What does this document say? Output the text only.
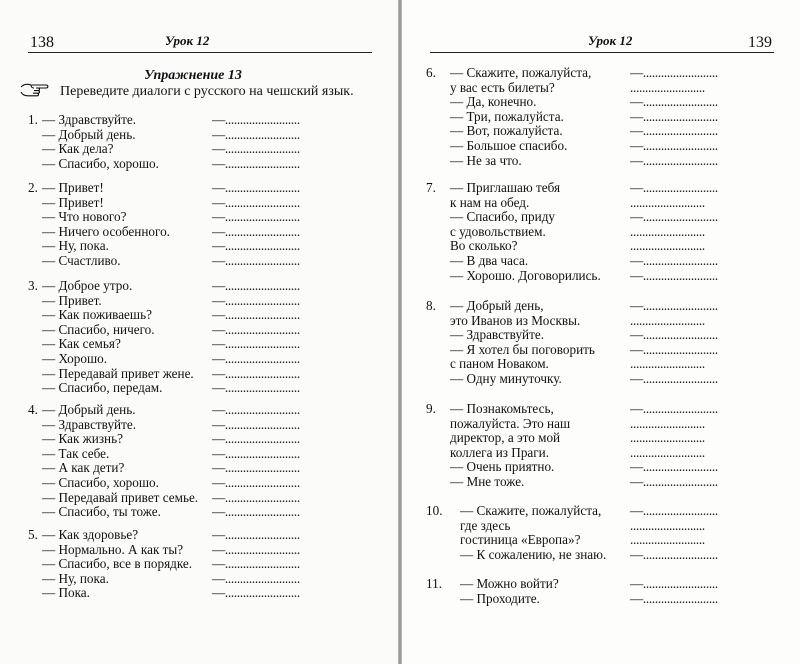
138	Урок 12
Упражнение 13
Переведите диалоги с русского на чешский язык.
1. — Здравствуйте.	—.........................
— Добрый день.	—.........................
— Как дела?	—.........................
— Спасибо, хорошо.	—.........................
2. — Привет!	—.........................
— Привет!	—.........................
— Что нового?	—.........................
— Ничего особенного.	—.........................
— Ну, пока.	—.........................
— Счастливо.	—.........................
3. — Доброе утро.	—.........................
— Привет.	—.........................
— Как поживаешь?	—.........................
— Спасибо, ничего.	—.........................
— Как семья?	—.........................
— Хорошо.	—.........................
— Передавай привет жене. —.........................
— Спасибо, передам.	—.........................
4. — Добрый день.	—.........................
— Здравствуйте.	—.........................
— Как жизнь?	—.........................
— Так себе.	—.........................
— А как дети?	—.........................
— Спасибо, хорошо.	—.........................
— Передавай привет семье. —.........................
— Спасибо, ты тоже.	—.........................
5. — Как здоровье?	—.........................
— Нормально. А как ты? —.........................
— Спасибо, все в порядке. —.........................
— Ну, пока.	—.........................
— Пока.	—.........................
Урок 12	139
6. — Скажите, пожалуйста,	—.........................
у вас есть билеты?	.........................
— Да, конечно.	—.........................
— Три, пожалуйста.	—.........................
— Вот, пожалуйста.	—.........................
— Большое спасибо.	—.........................
— Не за что.	—.........................
7. — Приглашаю тебя	—.........................
к нам на обед.	.........................
— Спасибо, приду	—.........................
с удовольствием.	.........................
Во сколько?	.........................
— В два часа.	—.........................
— Хорошо. Договорились. —.........................
8. — Добрый день,	—.........................
это Иванов из Москвы.	.........................
— Здравствуйте.	—.........................
— Я хотел бы поговорить	—.........................
с паном Новаком.	.........................
— Одну минуточку.	—.........................
9. — Познакомьтесь,	—.........................
пожалуйста. Это наш	.........................
директор, а это мой	.........................
коллега из Праги.	.........................
— Очень приятно.	—.........................
— Мне тоже.	—.........................
10. — Скажите, пожалуйста, —.........................
где здесь	.........................
гостиница «Европа»?	.........................
— К сожалению, не знаю. —.........................
11. — Можно войти?	—.........................
— Проходите.	—.........................
